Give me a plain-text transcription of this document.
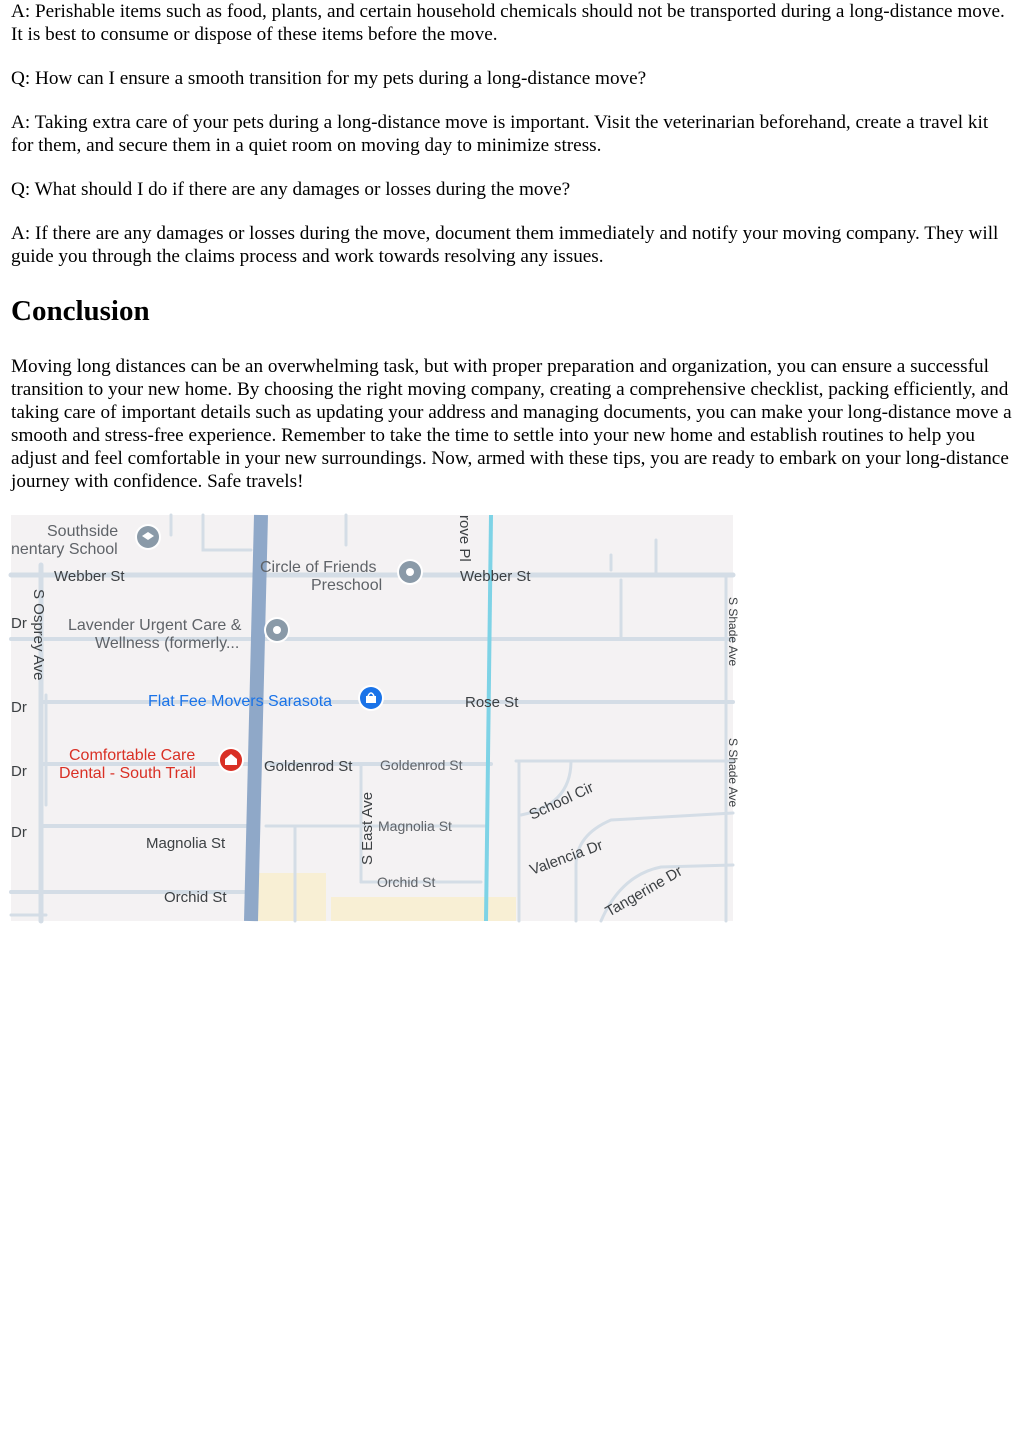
A: Perishable items such as food, plants, and certain household chemicals should not be transported during a long-distance move. It is best to consume or dispose of these items before the move.

Q: How can I ensure a smooth transition for my pets during a long-distance move?

A: Taking extra care of your pets during a long-distance move is important. Visit the veterinarian beforehand, create a travel kit for them, and secure them in a quiet room on moving day to minimize stress.

Q: What should I do if there are any damages or losses during the move?

A: If there are any damages or losses during the move, document them immediately and notify your moving company. They will guide you through the claims process and work towards resolving any issues.

Conclusion

Moving long distances can be an overwhelming task, but with proper preparation and organization, you can ensure a successful transition to your new home. By choosing the right moving company, creating a comprehensive checklist, packing efficiently, and taking care of important details such as updating your address and managing documents, you can make your long-distance move a smooth and stress-free experience. Remember to take the time to settle into your new home and establish routines to help you adjust and feel comfortable in your new surroundings. Now, armed with these tips, you are ready to embark on your long-distance journey with confidence. Safe travels!

Southside
nentary School
Circle of Friends
Preschool
Lavender Urgent Care &
Wellness (formerly...
Flat Fee Movers Sarasota
Comfortable Care
Dental - South Trail
Webber St	Webber St
Rose St
Goldenrod St Goldenrod St
Magnolia St
Magnolia St
Orchid St
Orchid St
Dr
Dr
Dr
Dr
S Osprey Ave
S East Ave
rove Pl
School Cir
Valencia Dr
Tangerine Dr
S Shade Ave
S Shade Ave
